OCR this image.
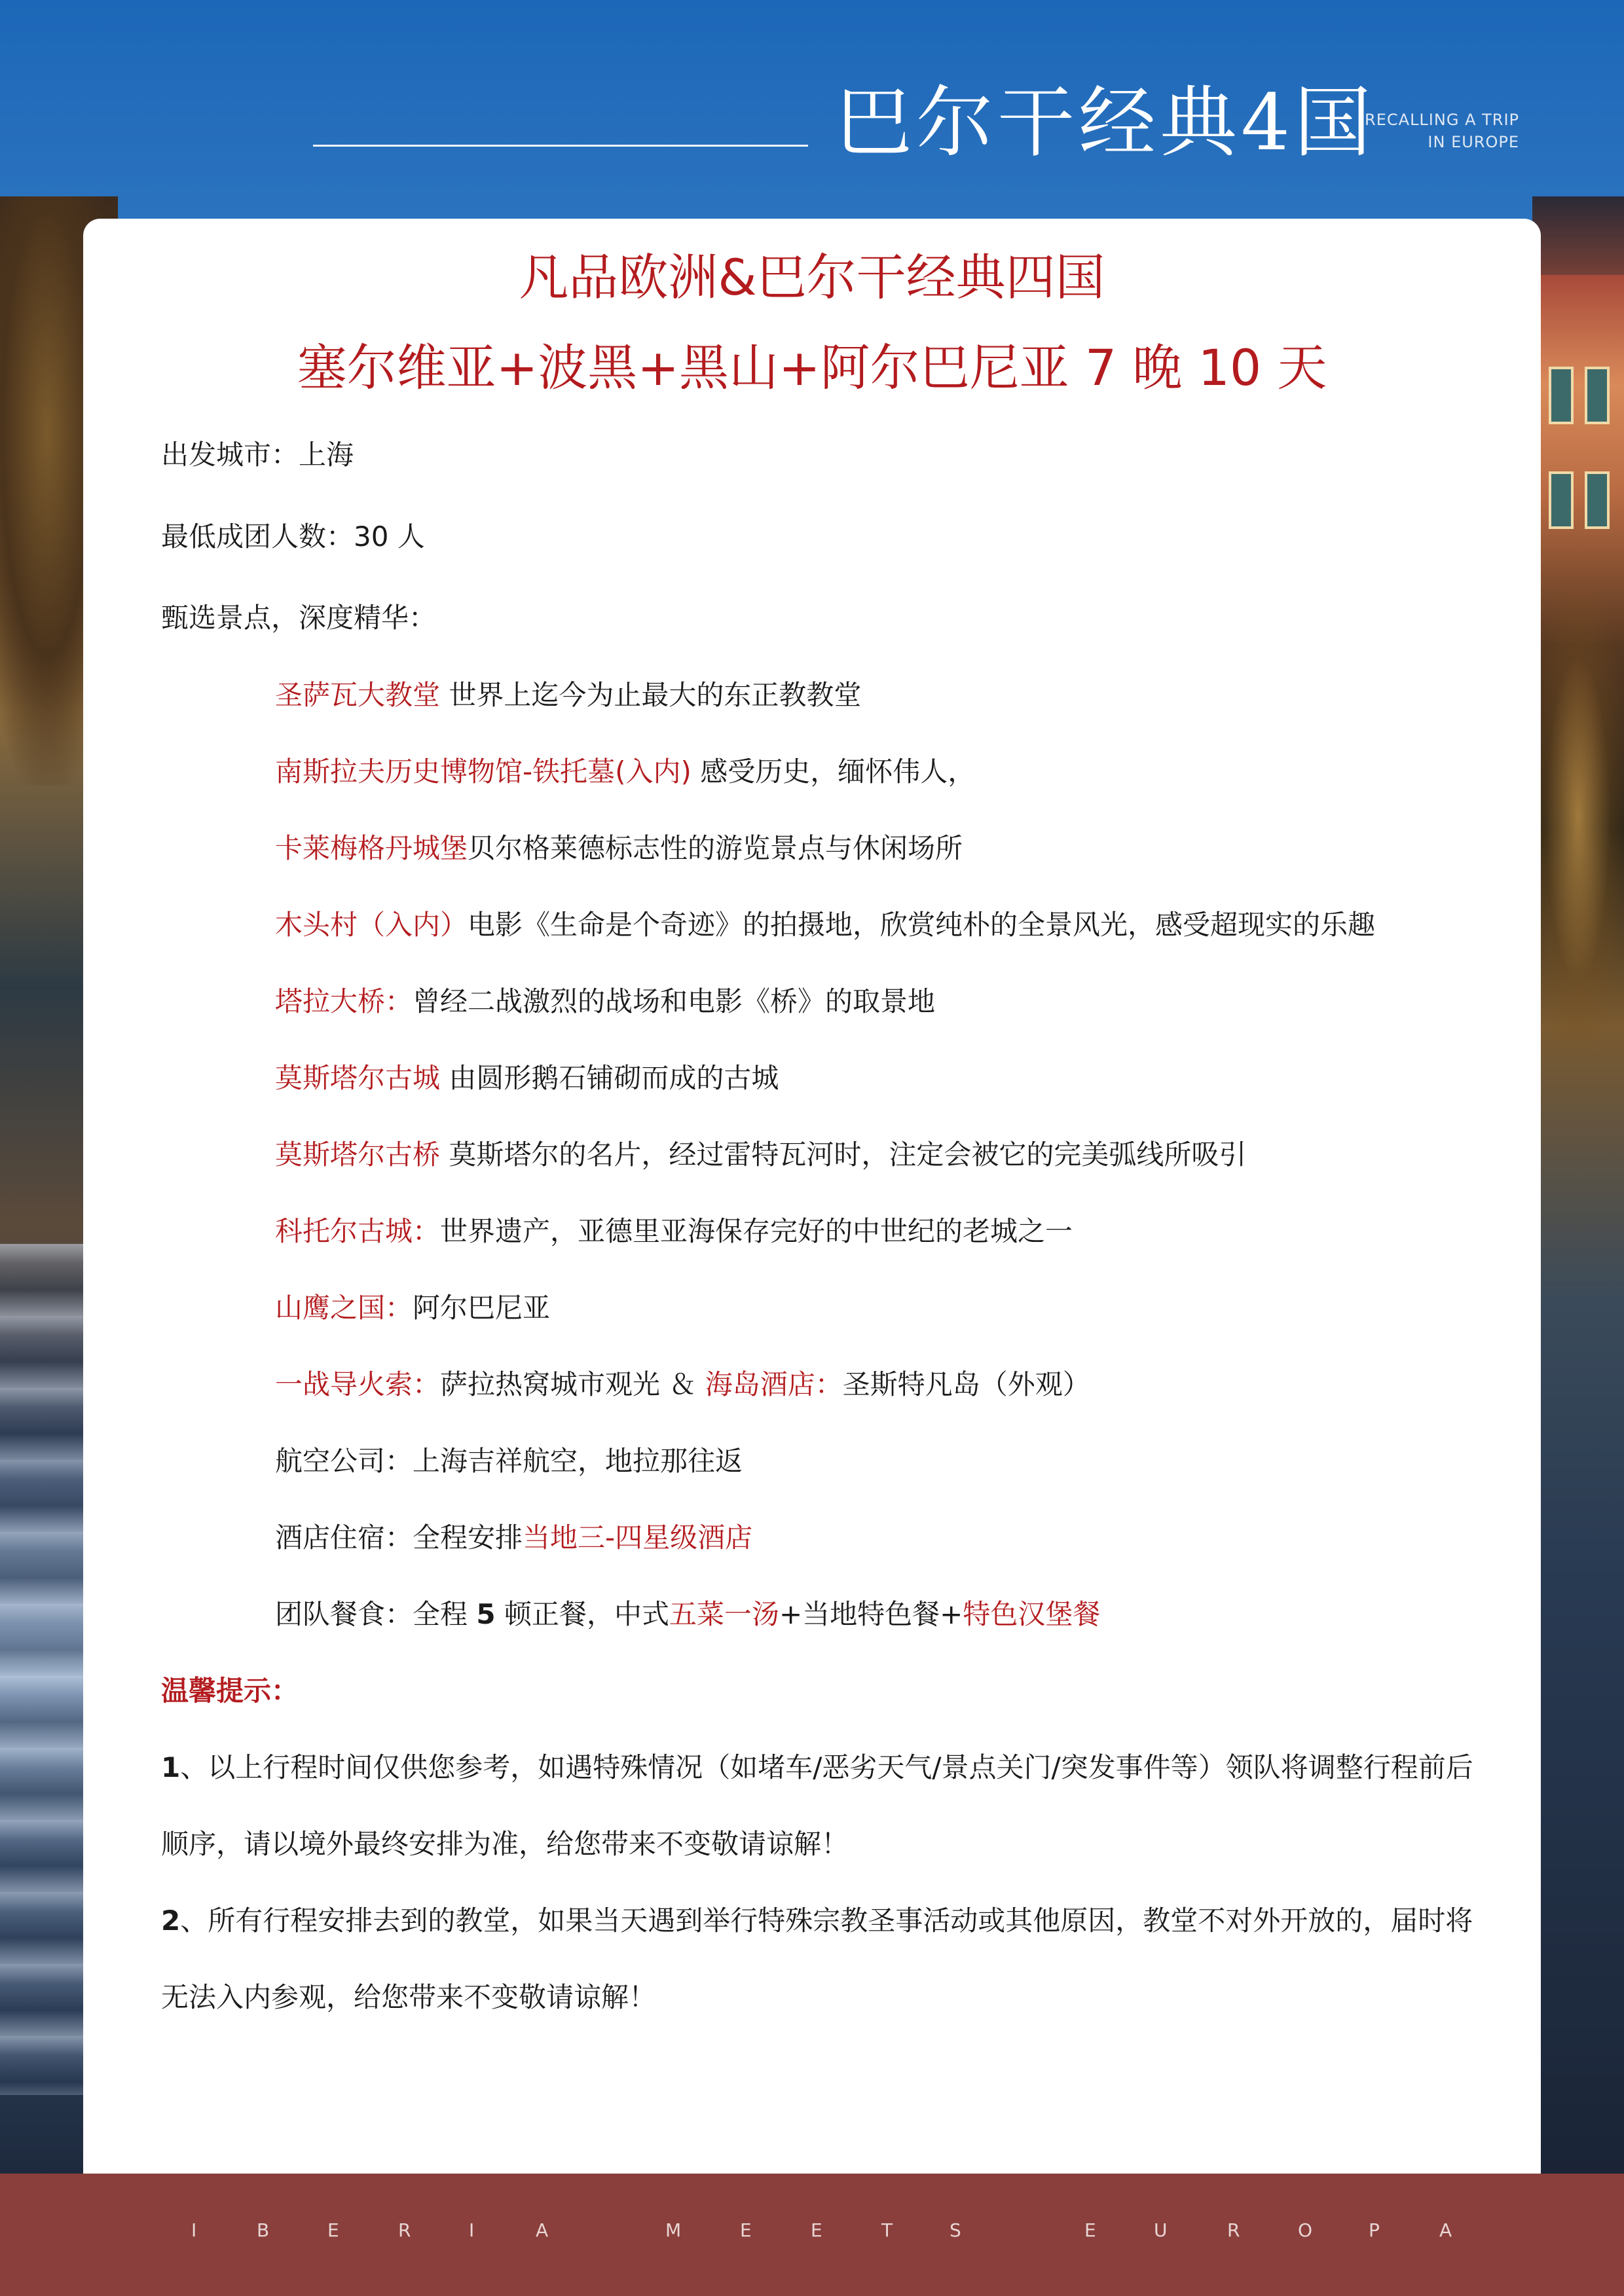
巴尔干经典4国
RECALLING A TRIP
IN EUROPE
凡品欧洲&巴尔干经典四国
塞尔维亚+波黑+黑山+阿尔巴尼亚 7 晚 10 天
出发城市：上海
最低成团人数：30 人
甄选景点，深度精华：
圣萨瓦大教堂 世界上迄今为止最大的东正教教堂
南斯拉夫历史博物馆-铁托墓(入内) 感受历史，缅怀伟人，
卡莱梅格丹城堡贝尔格莱德标志性的游览景点与休闲场所
木头村（入内）电影《生命是个奇迹》的拍摄地，欣赏纯朴的全景风光，感受超现实的乐趣
塔拉大桥：曾经二战激烈的战场和电影《桥》的取景地
莫斯塔尔古城 由圆形鹅石铺砌而成的古城
莫斯塔尔古桥 莫斯塔尔的名片，经过雷特瓦河时，注定会被它的完美弧线所吸引
科托尔古城：世界遗产，亚德里亚海保存完好的中世纪的老城之一
山鹰之国：阿尔巴尼亚
一战导火索：萨拉热窝城市观光 ＆ 海岛酒店：圣斯特凡岛（外观）
航空公司：上海吉祥航空，地拉那往返
酒店住宿：全程安排当地三-四星级酒店
团队餐食：全程 5 顿正餐，中式五菜一汤+当地特色餐+特色汉堡餐
温馨提示：
1、以上行程时间仅供您参考，如遇特殊情况（如堵车/恶劣天气/景点关门/突发事件等）领队将调整行程前后
顺序，请以境外最终安排为准，给您带来不变敬请谅解！
2、所有行程安排去到的教堂，如果当天遇到举行特殊宗教圣事活动或其他原因，教堂不对外开放的，届时将
无法入内参观，给您带来不变敬请谅解！
I	B	E	R	I	A	M	E	E	T	S	E	U	R	O	P	A
